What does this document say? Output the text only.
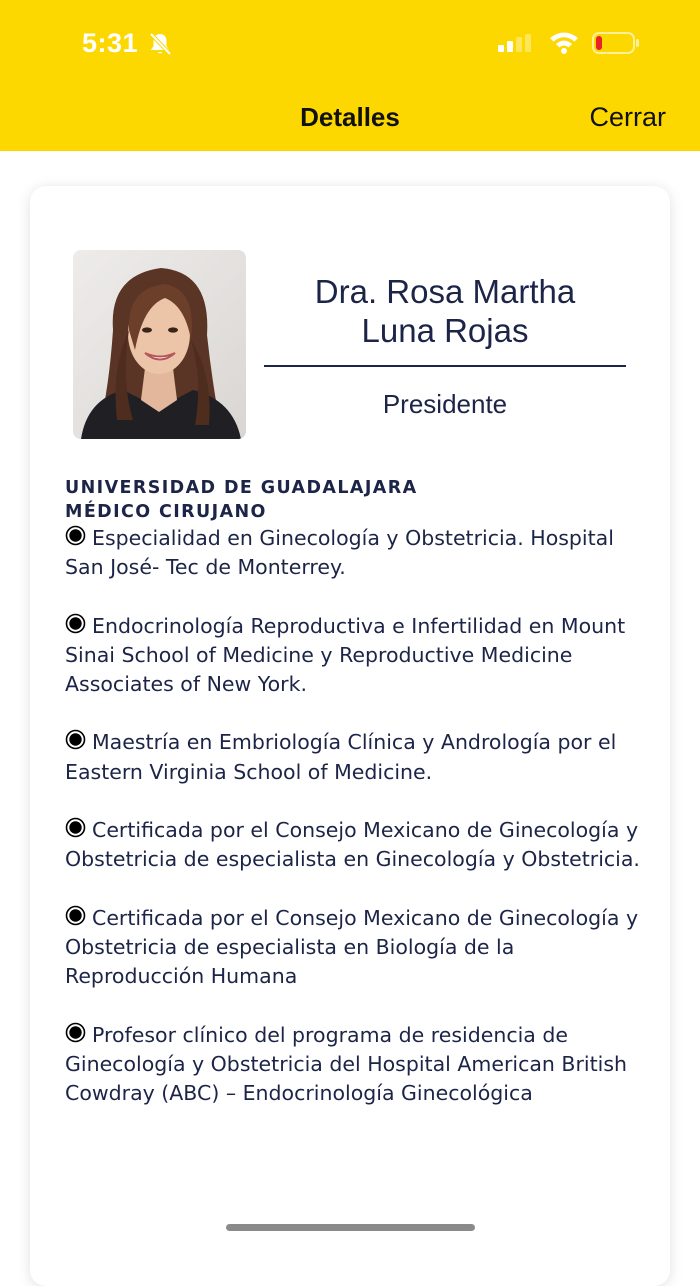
5:31
Detalles	Cerrar

Dra. Rosa Martha

Luna Rojas

Presidente
UNIVERSIDAD DE GUADALAJARA
MÉDICO CIRUJANO
Especialidad en Ginecología y Obstetricia. Hospital San José- Tec de Monterrey.
Endocrinología Reproductiva e Infertilidad en Mount Sinai School of Medicine y Reproductive Medicine Associates of New York.
Maestría en Embriología Clínica y Andrología por el Eastern Virginia School of Medicine.
Certificada por el Consejo Mexicano de Ginecología y Obstetricia de especialista en Ginecología y Obstetricia.
Certificada por el Consejo Mexicano de Ginecología y Obstetricia de especialista en Biología de la Reproducción Humana
Profesor clínico del programa de residencia de Ginecología y Obstetricia del Hospital American British Cowdray (ABC) – Endocrinología Ginecológica
